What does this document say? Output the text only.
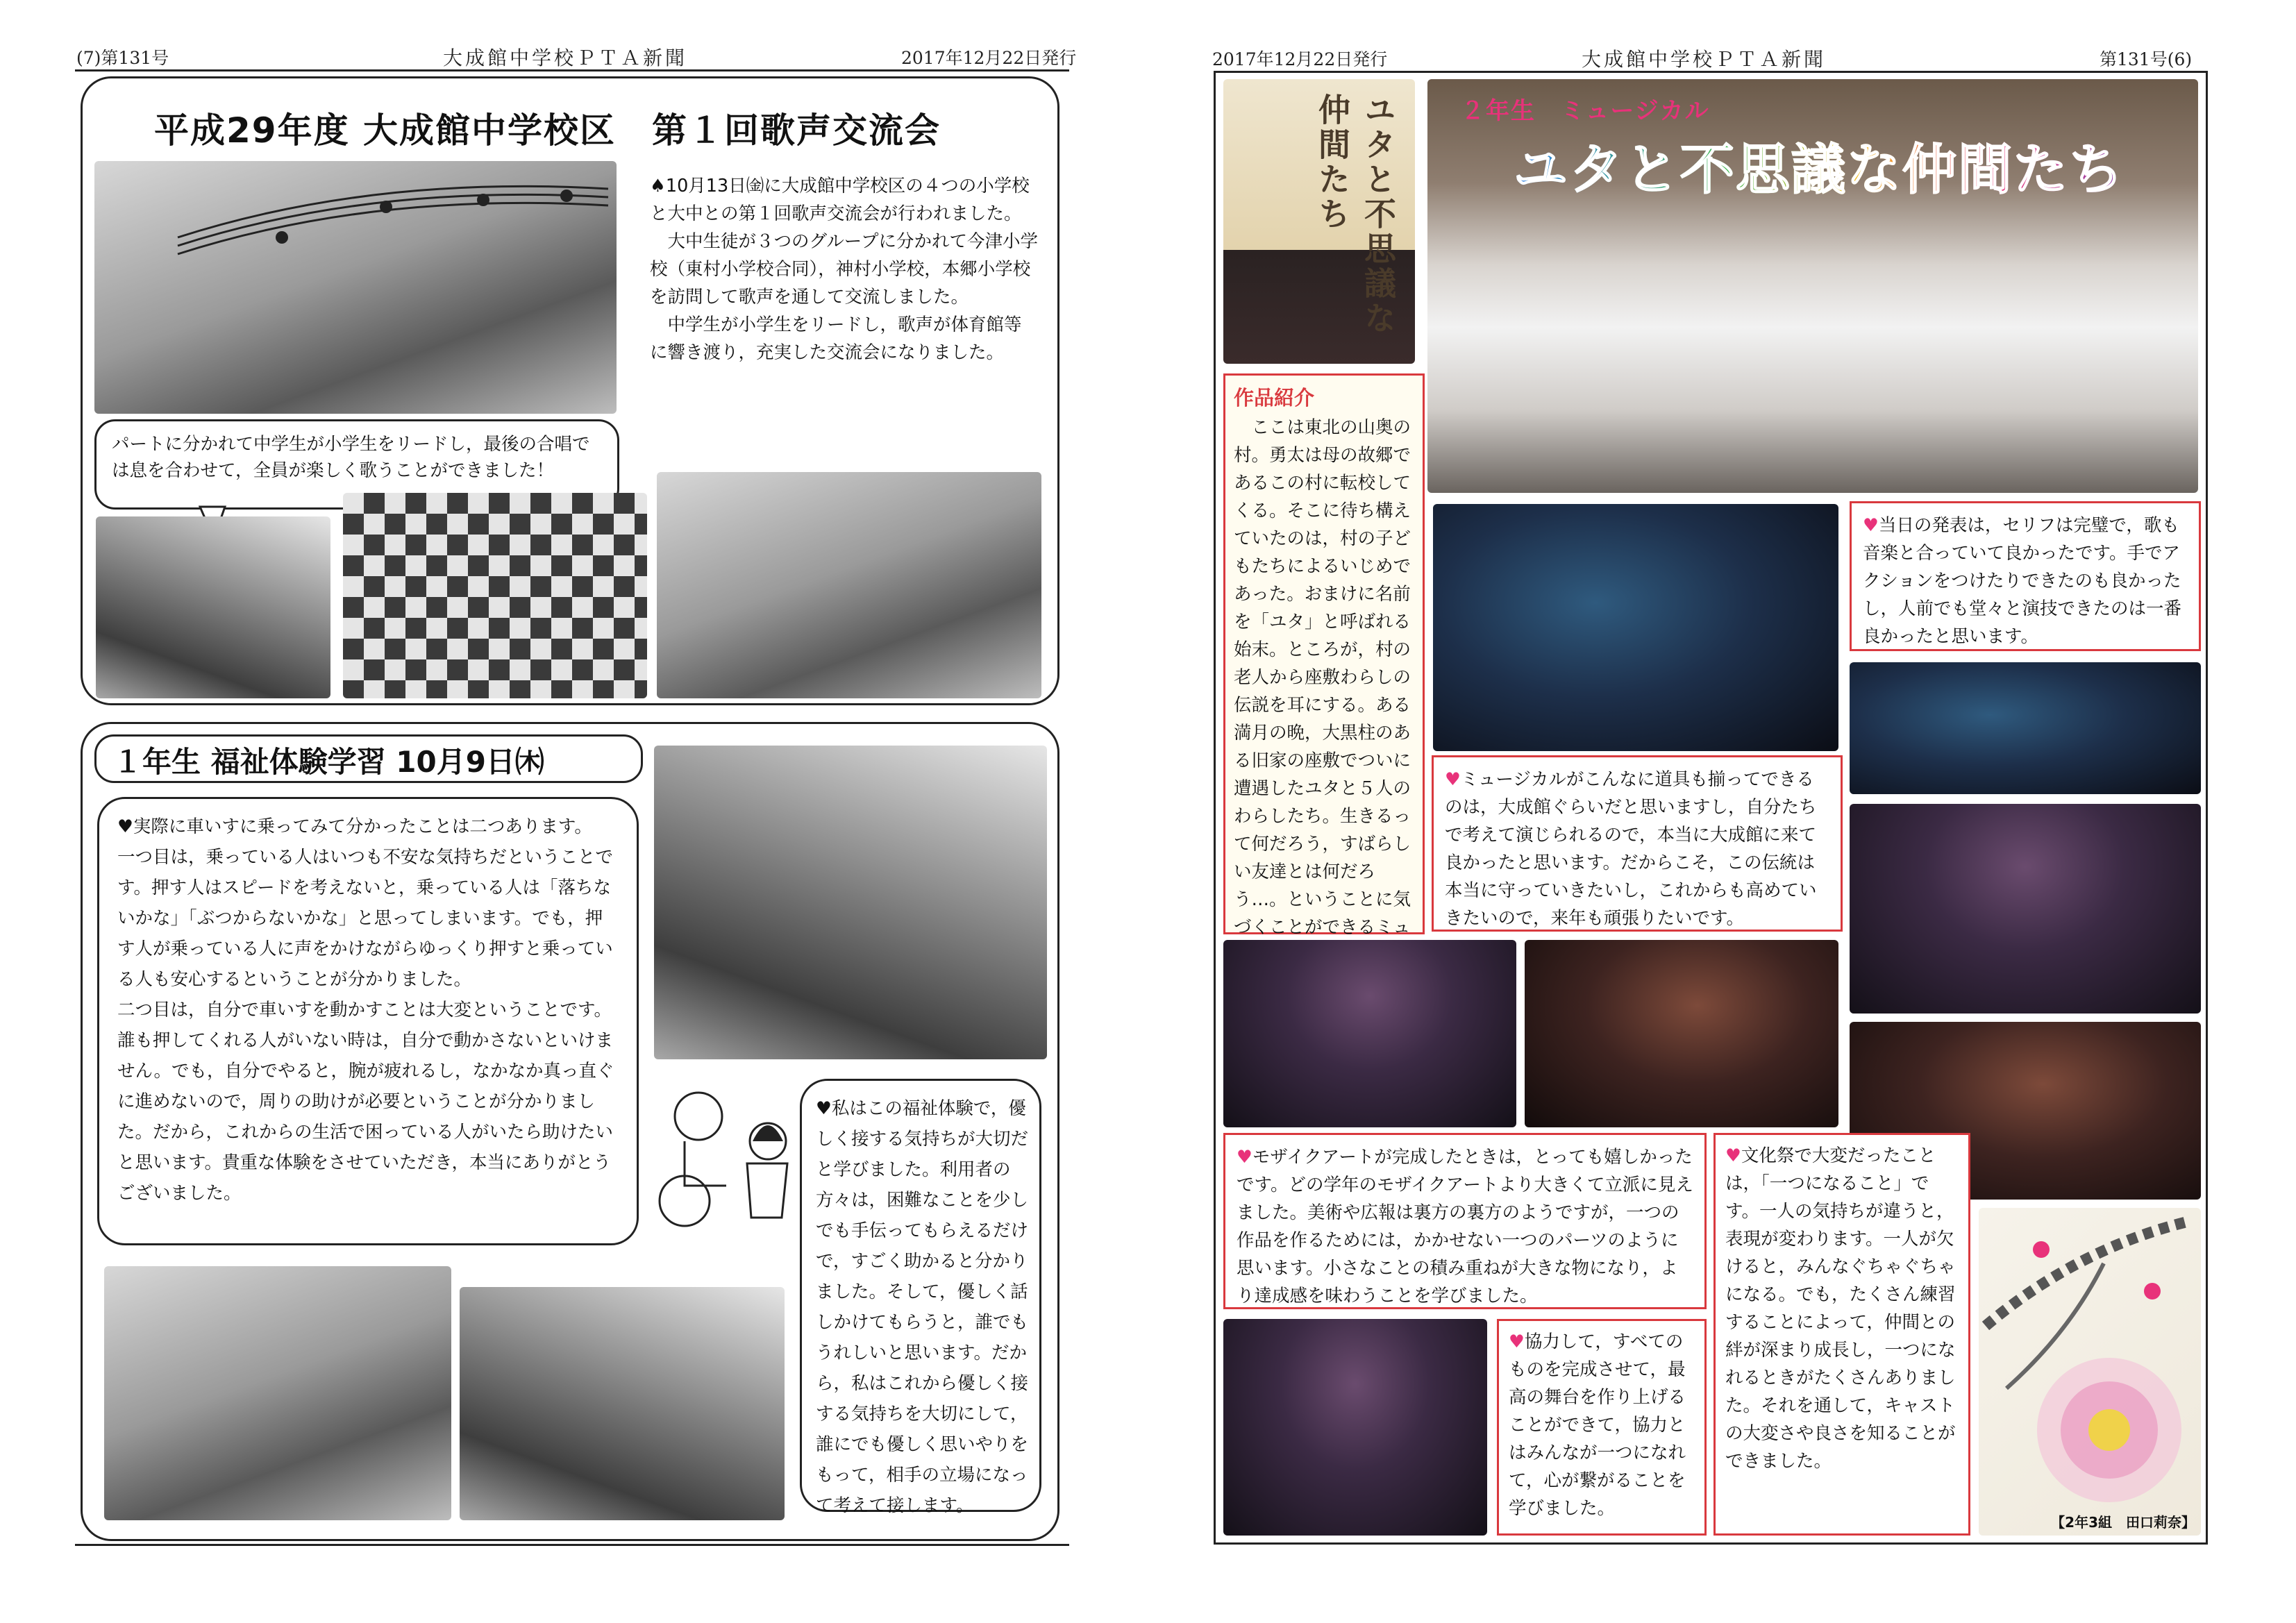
(7)第131号	大成館中学校ＰＴＡ新聞	2017年12月22日発行
平成29年度 大成館中学校区　第１回歌声交流会

♠10月13日㈮に大成館中学校区の４つの小学校と大中との第１回歌声交流会が行われました。

　大中生徒が３つのグループに分かれて今津小学校（東村小学校合同），神村小学校，本郷小学校を訪問して歌声を通して交流しました。

　中学生が小学生をリードし，歌声が体育館等に響き渡り，充実した交流会になりました。

パートに分かれて中学生が小学生をリードし，最後の合唱では息を合わせて，全員が楽しく歌うことができました！
１年生 福祉体験学習 10月9日㈭

♥実際に車いすに乗ってみて分かったことは二つあります。

一つ目は，乗っている人はいつも不安な気持ちだということです。押す人はスピードを考えないと，乗っている人は「落ちないかな」「ぶつからないかな」と思ってしまいます。でも，押す人が乗っている人に声をかけながらゆっくり押すと乗っている人も安心するということが分かりました。

二つ目は，自分で車いすを動かすことは大変ということです。誰も押してくれる人がいない時は，自分で動かさないといけません。でも，自分でやると，腕が疲れるし，なかなか真っ直ぐに進めないので，周りの助けが必要ということが分かりました。だから，これからの生活で困っている人がいたら助けたいと思います。貴重な体験をさせていただき，本当にありがとうございました。

♥私はこの福祉体験で，優しく接する気持ちが大切だと学びました。利用者の方々は，困難なことを少しでも手伝ってもらえるだけで，すごく助かると分かりました。そして，優しく話しかけてもらうと，誰でもうれしいと思います。だから，私はこれから優しく接する気持ちを大切にして，誰にでも優しく思いやりをもって，相手の立場になって考えて接します。
2017年12月22日発行	大成館中学校ＰＴＡ新聞	第131号(6)
ユタと不思議な仲間たち	２年生　ミュージカル
ユタと不思議な仲間たち
作品紹介
　ここは東北の山奥の村。勇太は母の故郷であるこの村に転校してくる。そこに待ち構えていたのは，村の子どもたちによるいじめであった。おまけに名前を「ユタ」と呼ばれる始末。ところが，村の老人から座敷わらしの伝説を耳にする。ある満月の晩，大黒柱のある旧家の座敷でついに遭遇したユタと５人のわらしたち。生きるって何だろう，すばらしい友達とは何だろう…。ということに気づくことができるミュ
♥当日の発表は，セリフは完璧で，歌も音楽と合っていて良かったです。手でアクションをつけたりできたのも良かったし，人前でも堂々と演技できたのは一番良かったと思います。
♥ミュージカルがこんなに道具も揃ってできるのは，大成館ぐらいだと思いますし，自分たちで考えて演じられるので，本当に大成館に来て良かったと思います。だからこそ，この伝統は本当に守っていきたいし，これからも高めていきたいので，来年も頑張りたいです。
♥モザイクアートが完成したときは，とっても嬉しかったです。どの学年のモザイクアートより大きくて立派に見えました。美術や広報は裏方の裏方のようですが，一つの作品を作るためには，かかせない一つのパーツのように思います。小さなことの積み重ねが大きな物になり，より達成感を味わうことを学びました。
♥文化祭で大変だったことは，「一つになること」です。一人の気持ちが違うと，表現が変わります。一人が欠けると，みんなぐちゃぐちゃになる。でも，たくさん練習することによって，仲間との絆が深まり成長し，一つになれるときがたくさんありました。それを通して，キャストの大変さや良さを知ることができました。
♥協力して，すべてのものを完成させて，最高の舞台を作り上げることができて，協力とはみんなが一つになれて，心が繋がることを学びました。
【2年3組　田口莉奈】
